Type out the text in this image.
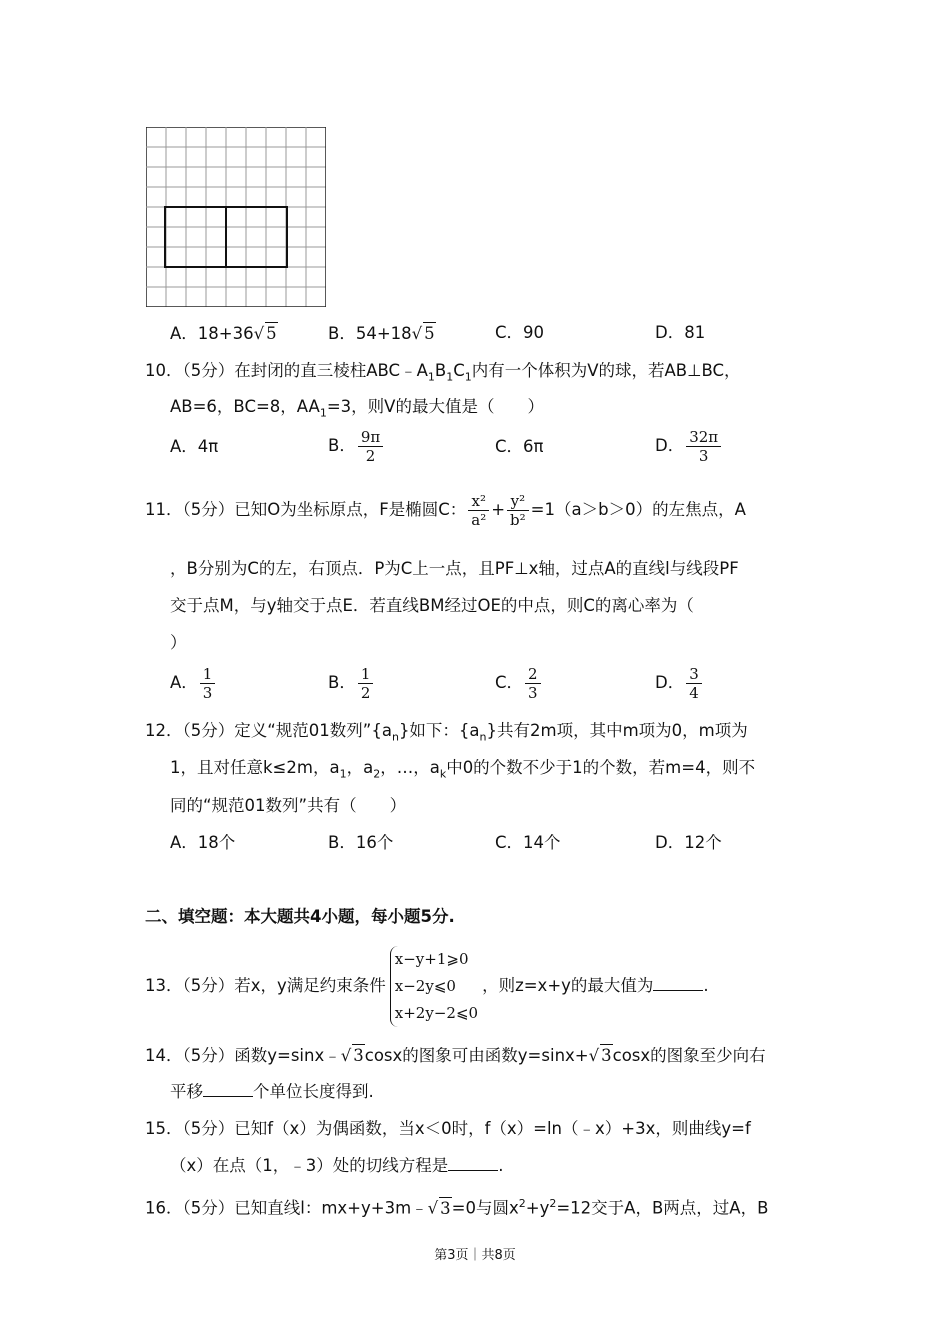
A．18+36√ 5	B．54+18√ 5	C．90	D．81
10．（5分）在封闭的直三棱柱$ABC﹣A_1B_1C_1$内有一个体积为V的球，若AB⊥BC，
AB=6，BC=8，$AA_1=3$，则V的最大值是（　　）
A．4π	B． $\frac{9\pi}{2}$	C．6π	D． $\frac{32\pi}{3}$
11．（5分）已知O为坐标原点，F是椭圆C： $\frac{\text{x²}}{\text{a²}} + \frac{\text{y²}}{\text{b²}} =1(a>b>0)$的左焦点，A
，B分别为C的左，右顶点．P为C上一点，且PF⊥x轴，过点A的直线l与线段PF
交于点M，与y轴交于点E．若直线BM经过OE的中点，则C的离心率为（
）
A． $\frac{1}{3}$	B． $\frac{1}{2}$	C． $\frac{2}{3}$	D． $\frac{3}{4}$
12．（5分）定义“规范01数列$”\{a_n\}$如下：$\{a_n\}$共有2m项，其中m项为0，m项为
1，且对任意k≤2m，$a_1$，$a_2$，…，$a_k$中0的个数不少于1的个数，若m=4，则不
同的“规范01数列”共有（　　）
A．18个	B．16个	C．14个	D．12个
二、填空题：本大题共4小题，每小题5分.
13．（5分）若x，y满足约束条件
x−y+1⩾0
x−2y⩽0
x+2y−2⩽0
，则z=x+y的最大值为	.
14．（5分）函数y=sinx﹣√ 3cosx的图象可由函数y=sinx+√ 3cosx的图象至少向右
平移	个单位长度得到.
15．（5分）已知f（x）为偶函数，当x＜0时，f（x）=ln（﹣x）+3x，则曲线y=f
（x）在点（1，﹣3）处的切线方程是	.
16．（5分）已知直线l：mx+y+3m﹣√ 3=0与圆$x^2+y^2=12$交于A，B两点，过A，B
第3页｜共8页
